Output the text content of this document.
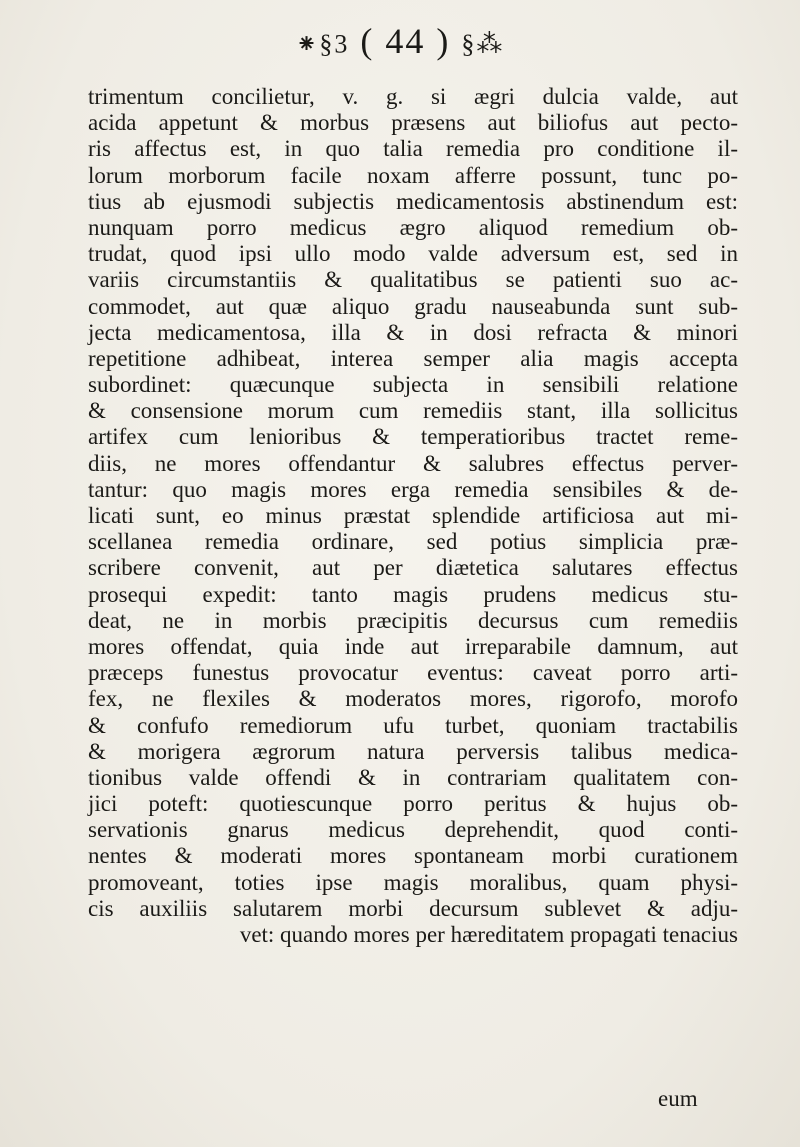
⁕§3 ( 44 ) §⁂
trimentum concilietur, v. g. si ægri dulcia valde, aut
acida appetunt & morbus præsens aut biliofus aut pecto-
ris affectus est, in quo talia remedia pro conditione il-
lorum morborum facile noxam afferre possunt, tunc po-
tius ab ejusmodi subjectis medicamentosis abstinendum est:
nunquam porro medicus ægro aliquod remedium ob-
trudat, quod ipsi ullo modo valde adversum est, sed in
variis circumstantiis & qualitatibus se patienti suo ac-
commodet, aut quæ aliquo gradu nauseabunda sunt sub-
jecta medicamentosa, illa & in dosi refracta & minori
repetitione adhibeat, interea semper alia magis accepta
subordinet: quæcunque subjecta in sensibili relatione
& consensione morum cum remediis stant, illa sollicitus
artifex cum lenioribus & temperatioribus tractet reme-
diis, ne mores offendantur & salubres effectus perver-
tantur: quo magis mores erga remedia sensibiles & de-
licati sunt, eo minus præstat splendide artificiosa aut mi-
scellanea remedia ordinare, sed potius simplicia præ-
scribere convenit, aut per diætetica salutares effectus
prosequi expedit: tanto magis prudens medicus stu-
deat, ne in morbis præcipitis decursus cum remediis
mores offendat, quia inde aut irreparabile damnum, aut
præceps funestus provocatur eventus: caveat porro arti-
fex, ne flexiles & moderatos mores, rigorofo, morofo
& confufo remediorum ufu turbet, quoniam tractabilis
& morigera ægrorum natura perversis talibus medica-
tionibus valde offendi & in contrariam qualitatem con-
jici poteft: quotiescunque porro peritus & hujus ob-
servationis gnarus medicus deprehendit, quod conti-
nentes & moderati mores spontaneam morbi curationem
promoveant, toties ipse magis moralibus, quam physi-
cis auxiliis salutarem morbi decursum sublevet & adju-
vet: quando mores per hæreditatem propagati tenacius
eum
